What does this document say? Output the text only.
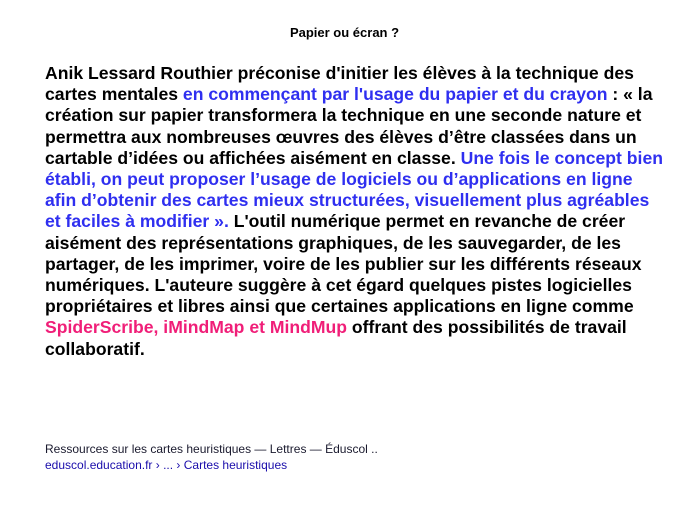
Papier ou écran ?
Anik Lessard Routhier préconise d'initier les élèves à la technique des cartes mentales en commençant par l'usage du papier et du crayon : « la création sur papier transformera la technique en une seconde nature et permettra aux nombreuses œuvres des élèves d’être classées dans un cartable d’idées ou affichées aisément en classe. Une fois le concept bien établi, on peut proposer l’usage de logiciels ou d’applications en ligne afin d’obtenir des cartes mieux structurées, visuellement plus agréables et faciles à modifier ». L'outil numérique permet en revanche de créer aisément des représentations graphiques, de les sauvegarder, de les partager, de les imprimer, voire de les publier sur les différents réseaux numériques. L'auteure suggère à cet égard quelques pistes logicielles propriétaires et libres ainsi que certaines applications en ligne comme SpiderScribe, iMindMap et MindMup offrant des possibilités de travail collaboratif.
Ressources sur les cartes heuristiques — Lettres — Éduscol ..
eduscol.education.fr › ... › Cartes heuristiques
